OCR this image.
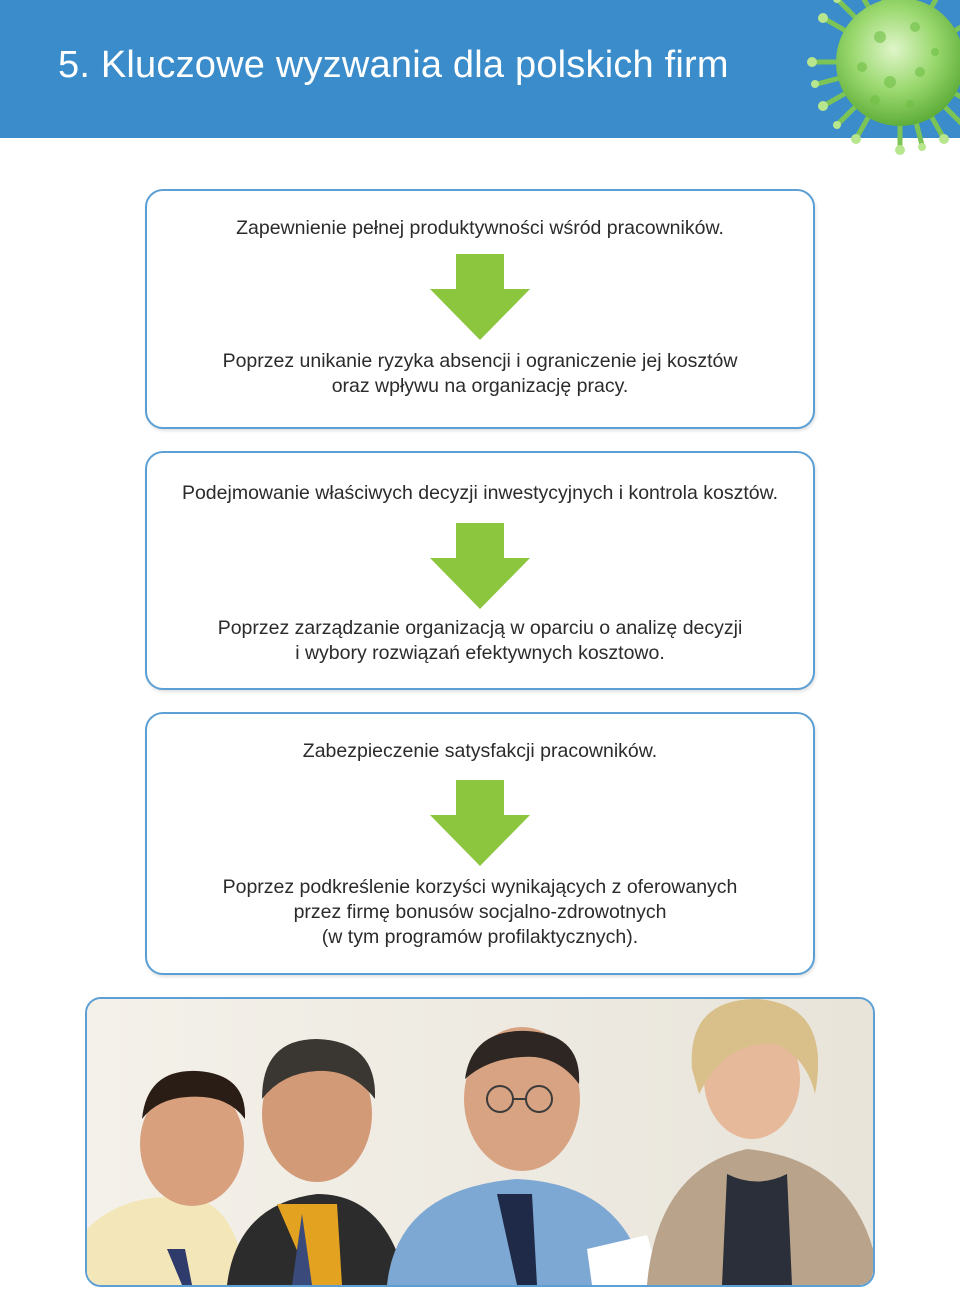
5. Kluczowe wyzwania dla polskich firm

Zapewnienie pełnej produktywności wśród pracowników.

Poprzez unikanie ryzyka absencji i ograniczenie jej kosztów
oraz wpływu na organizację pracy.

Podejmowanie właściwych decyzji inwestycyjnych i kontrola kosztów.

Poprzez zarządzanie organizacją w oparciu o analizę decyzji
i wybory rozwiązań efektywnych kosztowo.

Zabezpieczenie satysfakcji pracowników.

Poprzez podkreślenie korzyści wynikających z oferowanych
przez firmę bonusów socjalno-zdrowotnych
(w tym programów profilaktycznych).
